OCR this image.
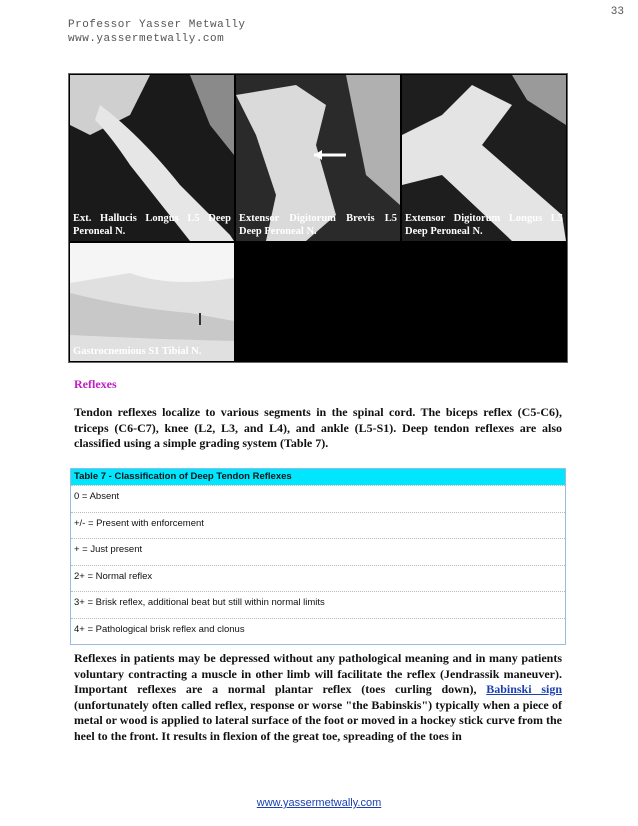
33
Professor Yasser Metwally
www.yassermetwally.com
Ext. Hallucis Longus L5 Deep Peroneal N.
Extensor Digitorum Brevis L5 Deep Peroneal N.
Extensor Digitorum Longus L5 Deep Peroneal N.
Gastrocnemious S1 Tibial N.
Reflexes
Tendon reflexes localize to various segments in the spinal cord. The biceps reflex (C5-C6), triceps (C6-C7), knee (L2, L3, and L4), and ankle (L5-S1). Deep tendon reflexes are also classified using a simple grading system (Table 7).
Table 7 - Classification of Deep Tendon Reflexes
0 = Absent
+/- = Present with enforcement
+ = Just present
2+ = Normal reflex
3+ = Brisk reflex, additional beat but still within normal limits
4+ = Pathological brisk reflex and clonus
Reflexes in patients may be depressed without any pathological meaning and in many patients voluntary contracting a muscle in other limb will facilitate the reflex (Jendrassik maneuver). Important reflexes are a normal plantar reflex (toes curling down), Babinski sign (unfortunately often called reflex, response or worse "the Babinskis") typically when a piece of metal or wood is applied to lateral surface of the foot or moved in a hockey stick curve from the heel to the front. It results in flexion of the great toe, spreading of the toes in
www.yassermetwally.com
